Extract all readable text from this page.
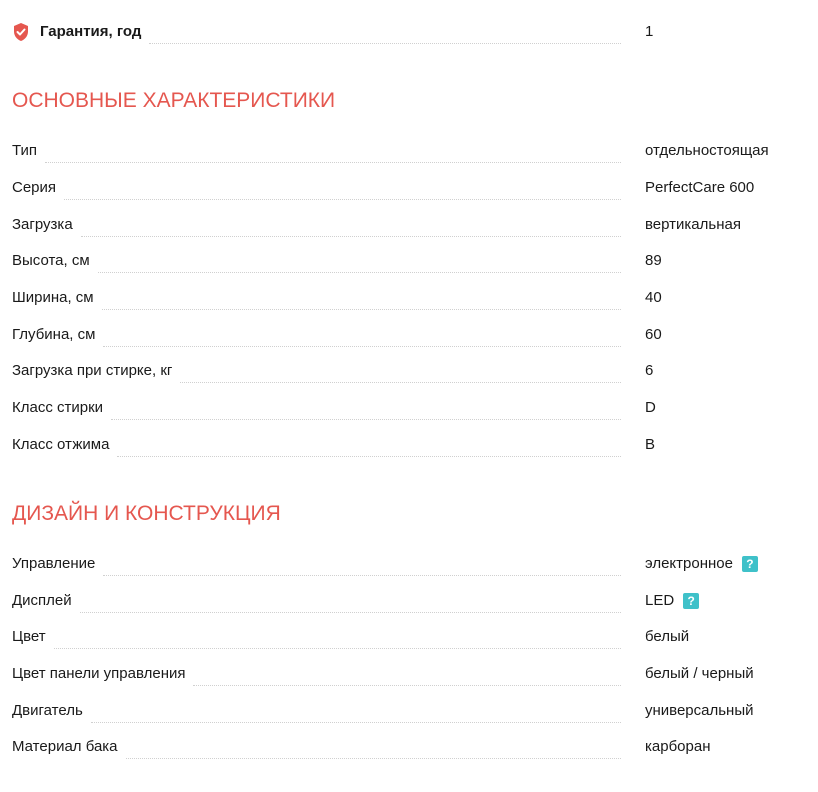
Гарантия, год	1
ОСНОВНЫЕ ХАРАКТЕРИСТИКИ
Тип	отдельностоящая
Серия	PerfectCare 600
Загрузка	вертикальная
Высота, см	89
Ширина, см	40
Глубина, см	60
Загрузка при стирке, кг	6
Класс стирки	D
Класс отжима	B
ДИЗАЙН И КОНСТРУКЦИЯ
Управление	электронное	?
Дисплей	LED	?
Цвет	белый
Цвет панели управления	белый / черный
Двигатель	универсальный
Материал бака	карборан
